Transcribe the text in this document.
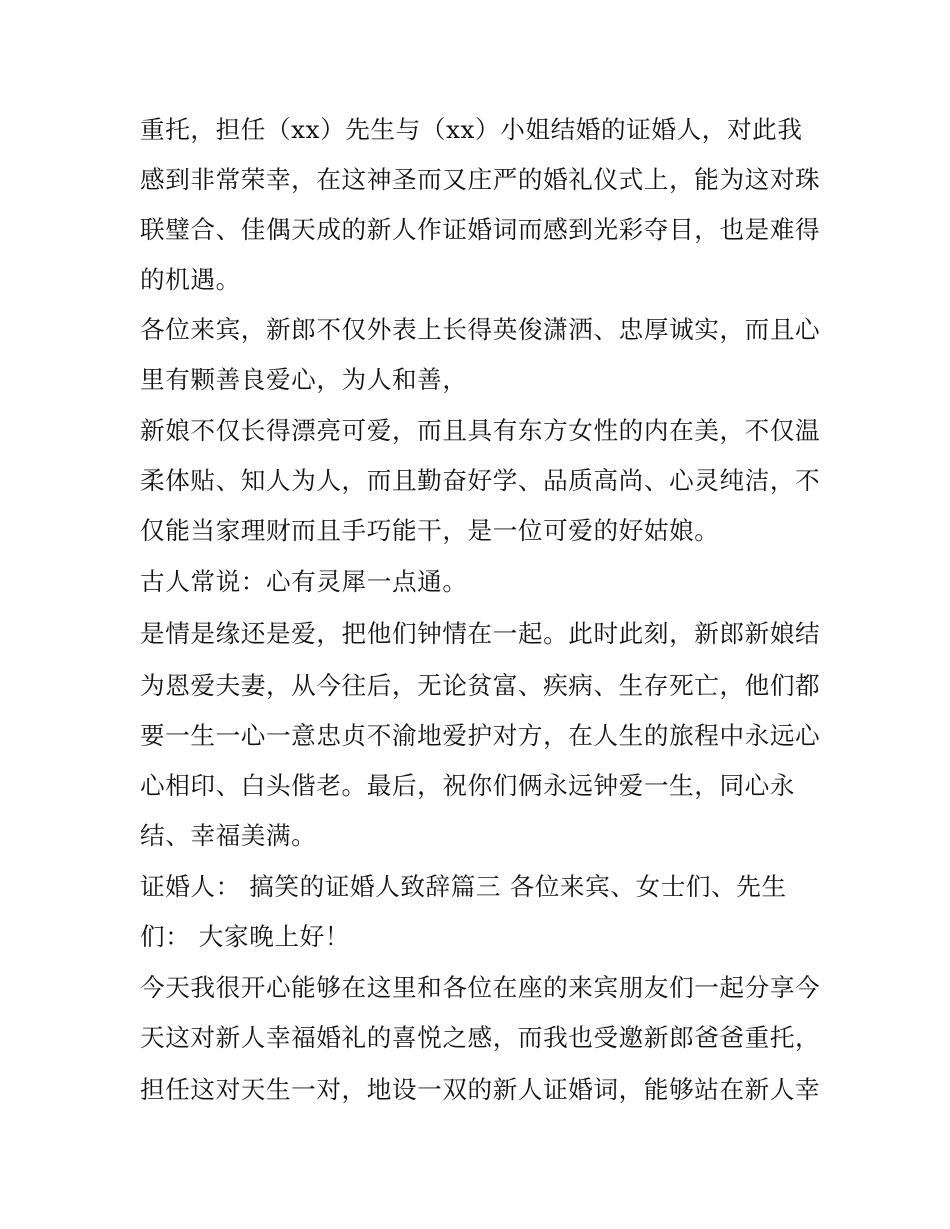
重托，担任（xx）先生与（xx）小姐结婚的证婚人，对此我
感到非常荣幸，在这神圣而又庄严的婚礼仪式上，能为这对珠
联璧合、佳偶天成的新人作证婚词而感到光彩夺目，也是难得
的机遇。
各位来宾，新郎不仅外表上长得英俊潇洒、忠厚诚实，而且心
里有颗善良爱心，为人和善，
新娘不仅长得漂亮可爱，而且具有东方女性的内在美，不仅温
柔体贴、知人为人，而且勤奋好学、品质高尚、心灵纯洁，不
仅能当家理财而且手巧能干，是一位可爱的好姑娘。
古人常说：心有灵犀一点通。
是情是缘还是爱，把他们钟情在一起。此时此刻，新郎新娘结
为恩爱夫妻，从今往后，无论贫富、疾病、生存死亡，他们都
要一生一心一意忠贞不渝地爱护对方，在人生的旅程中永远心
心相印、白头偕老。最后，祝你们俩永远钟爱一生，同心永
结、幸福美满。
证婚人： 搞笑的证婚人致辞篇三 各位来宾、女士们、先生
们： 大家晚上好！
今天我很开心能够在这里和各位在座的来宾朋友们一起分享今
天这对新人幸福婚礼的喜悦之感，而我也受邀新郎爸爸重托，
担任这对天生一对，地设一双的新人证婚词，能够站在新人幸
